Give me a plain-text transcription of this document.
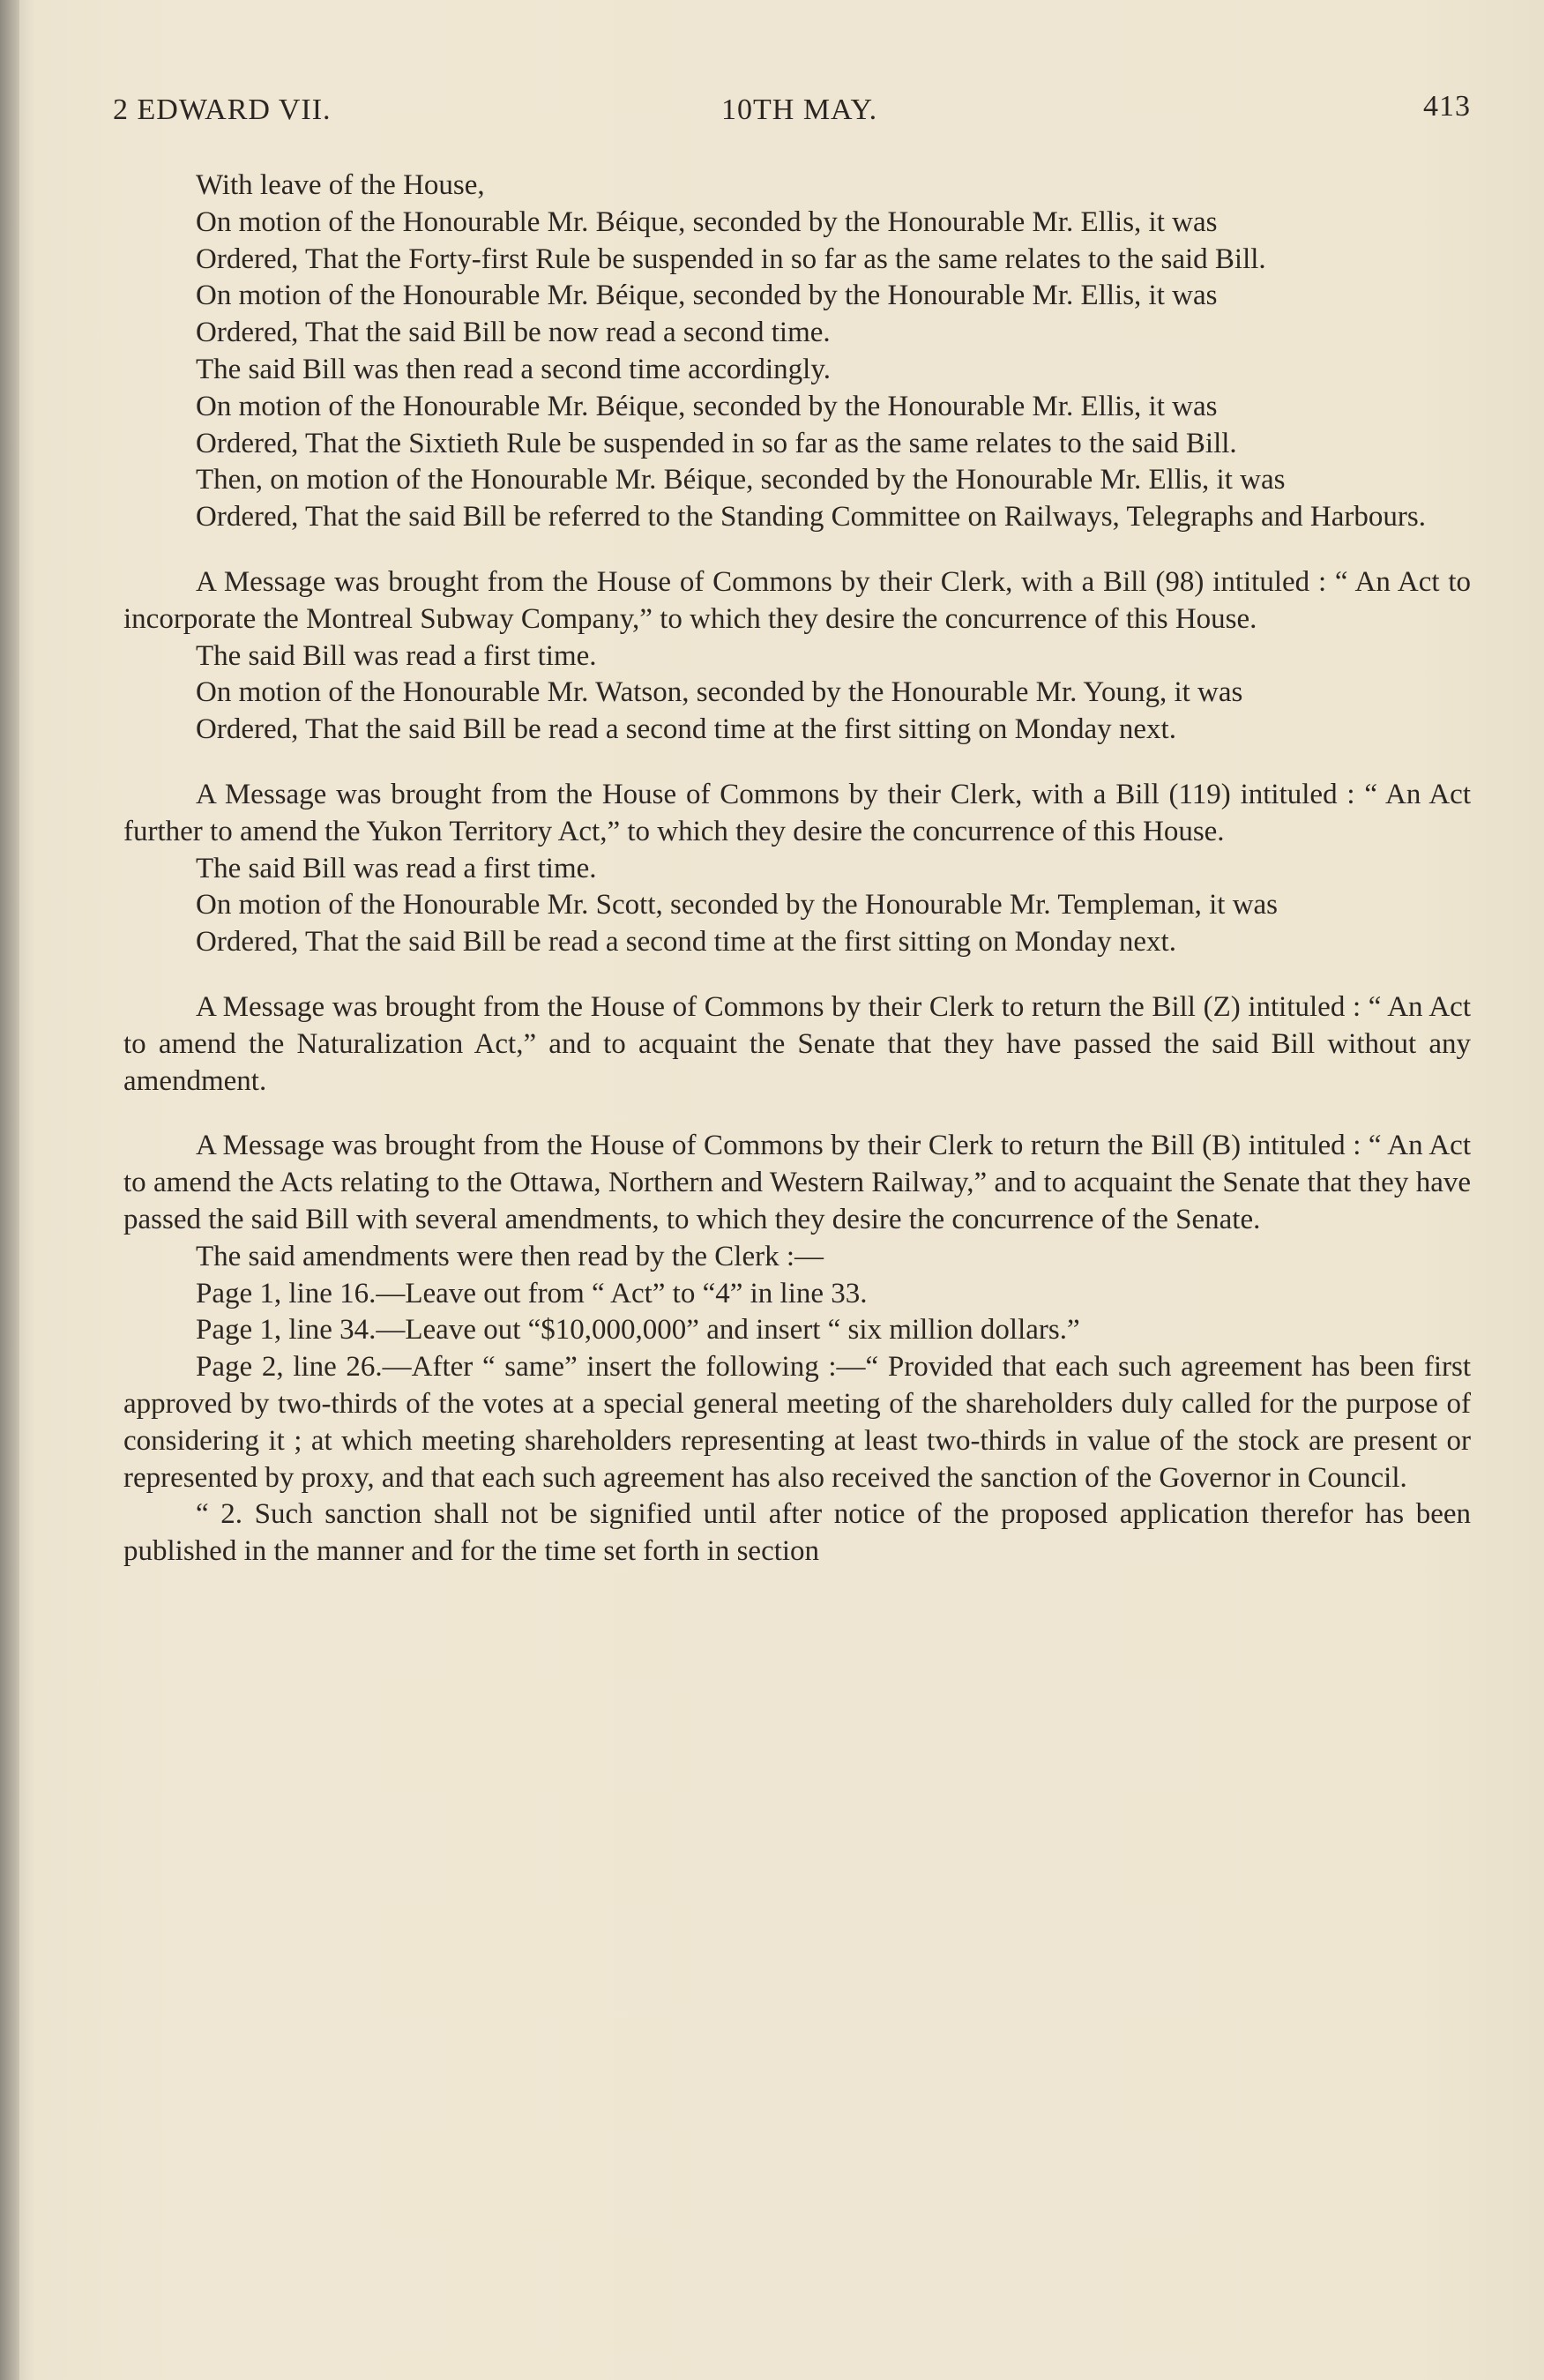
2 EDWARD VII.	10TH MAY.	413

With leave of the House,

On motion of the Honourable Mr. Béique, seconded by the Honourable Mr. Ellis, it was

Ordered, That the Forty-first Rule be suspended in so far as the same relates to the said Bill.

On motion of the Honourable Mr. Béique, seconded by the Honourable Mr. Ellis, it was

Ordered, That the said Bill be now read a second time.

The said Bill was then read a second time accordingly.

On motion of the Honourable Mr. Béique, seconded by the Honourable Mr. Ellis, it was

Ordered, That the Sixtieth Rule be suspended in so far as the same relates to the said Bill.

Then, on motion of the Honourable Mr. Béique, seconded by the Honourable Mr. Ellis, it was

Ordered, That the said Bill be referred to the Standing Committee on Railways, Telegraphs and Harbours.

A Message was brought from the House of Commons by their Clerk, with a Bill (98) intituled : “ An Act to incorporate the Montreal Subway Company,” to which they desire the concurrence of this House.

The said Bill was read a first time.

On motion of the Honourable Mr. Watson, seconded by the Honourable Mr. Young, it was

Ordered, That the said Bill be read a second time at the first sitting on Monday next.

A Message was brought from the House of Commons by their Clerk, with a Bill (119) intituled : “ An Act further to amend the Yukon Territory Act,” to which they desire the concurrence of this House.

The said Bill was read a first time.

On motion of the Honourable Mr. Scott, seconded by the Honourable Mr. Templeman, it was

Ordered, That the said Bill be read a second time at the first sitting on Monday next.

A Message was brought from the House of Commons by their Clerk to return the Bill (Z) intituled : “ An Act to amend the Naturalization Act,” and to acquaint the Senate that they have passed the said Bill without any amendment.

A Message was brought from the House of Commons by their Clerk to return the Bill (B) intituled : “ An Act to amend the Acts relating to the Ottawa, Northern and Western Railway,” and to acquaint the Senate that they have passed the said Bill with several amendments, to which they desire the concurrence of the Senate.

The said amendments were then read by the Clerk :—

Page 1, line 16.—Leave out from “ Act” to “4” in line 33.

Page 1, line 34.—Leave out “$10,000,000” and insert “ six million dollars.”

Page 2, line 26.—After “ same” insert the following :—“ Provided that each such agreement has been first approved by two-thirds of the votes at a special general meeting of the shareholders duly called for the purpose of considering it ; at which meeting shareholders representing at least two-thirds in value of the stock are present or represented by proxy, and that each such agreement has also received the sanction of the Governor in Council.

“ 2. Such sanction shall not be signified until after notice of the proposed application therefor has been published in the manner and for the time set forth in section
